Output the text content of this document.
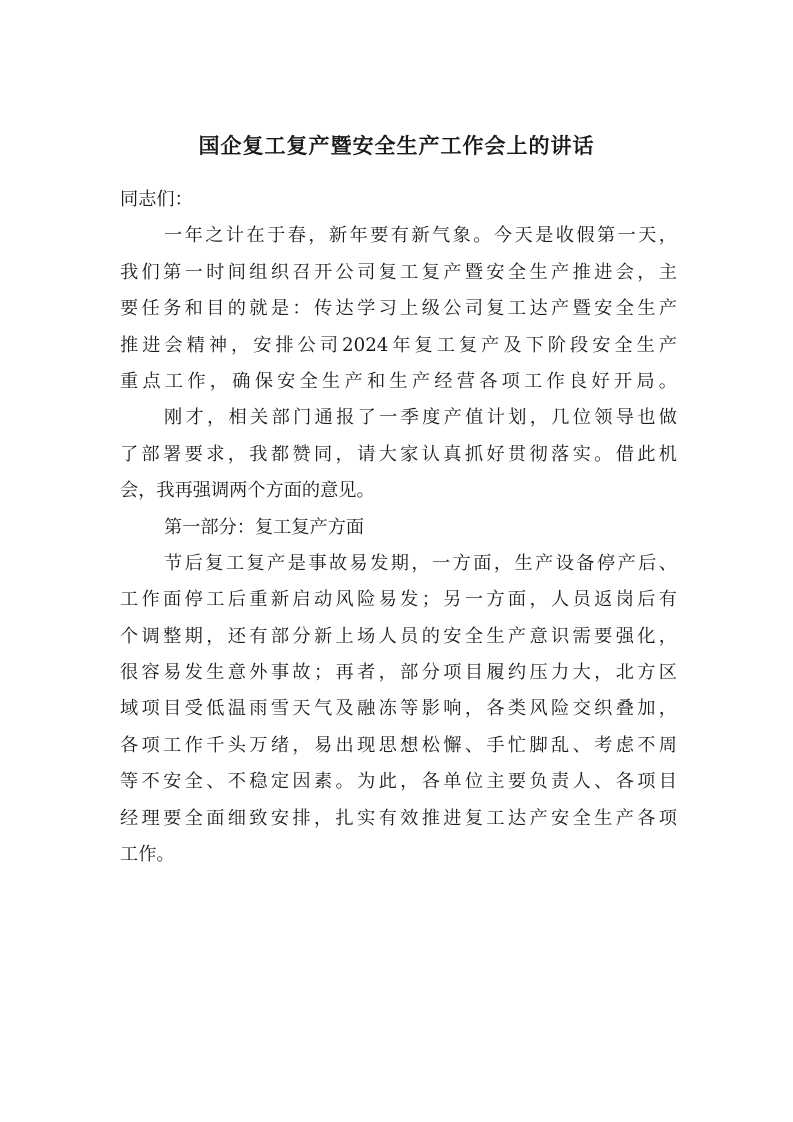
国企复工复产暨安全生产工作会上的讲话
同志们：
一年之计在于春，新年要有新气象。今天是收假第一天，
我们第一时间组织召开公司复工复产暨安全生产推进会，主
要任务和目的就是：传达学习上级公司复工达产暨安全生产
推进会精神，安排公司2024年复工复产及下阶段安全生产
重点工作，确保安全生产和生产经营各项工作良好开局。
刚才，相关部门通报了一季度产值计划，几位领导也做
了部署要求，我都赞同，请大家认真抓好贯彻落实。借此机
会，我再强调两个方面的意见。
第一部分：复工复产方面
节后复工复产是事故易发期，一方面，生产设备停产后、
工作面停工后重新启动风险易发；另一方面，人员返岗后有
个调整期，还有部分新上场人员的安全生产意识需要强化，
很容易发生意外事故；再者，部分项目履约压力大，北方区
域项目受低温雨雪天气及融冻等影响，各类风险交织叠加，
各项工作千头万绪，易出现思想松懈、手忙脚乱、考虑不周
等不安全、不稳定因素。为此，各单位主要负责人、各项目
经理要全面细致安排，扎实有效推进复工达产安全生产各项
工作。
